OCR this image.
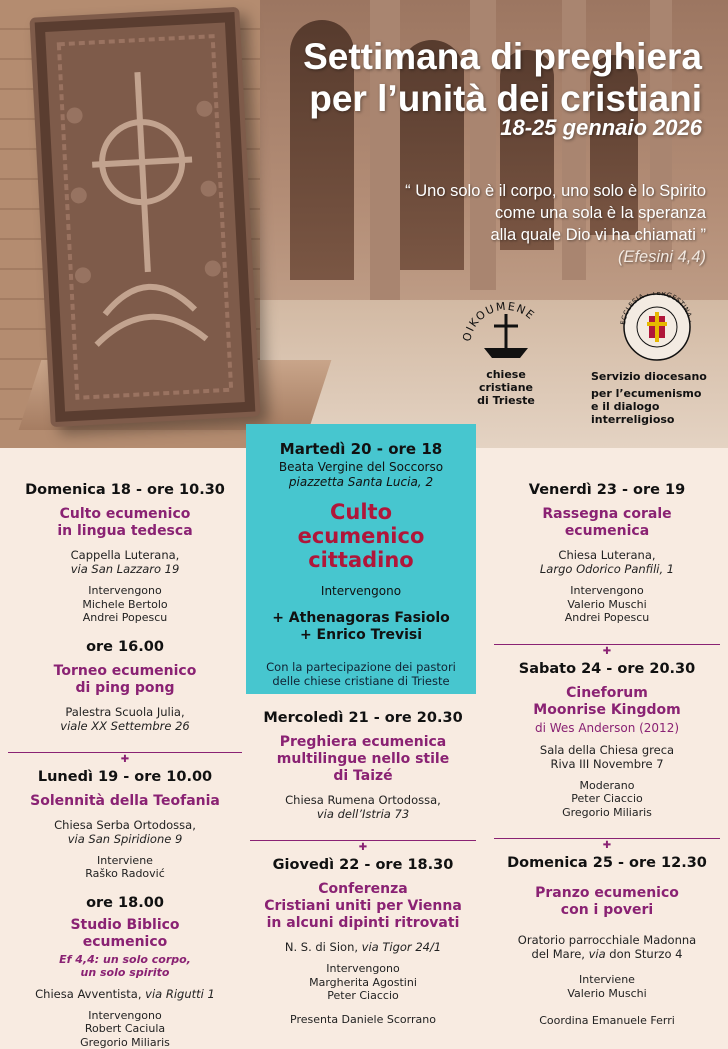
Settimana di preghiera
per l’unità dei cristiani
18-25 gennaio 2026
“ Uno solo è il corpo, uno solo è lo Spirito
come una sola è la speranza
alla quale Dio vi ha chiamati ”
(Efesini 4,4)
IKOUMENE
chiese cristiane
di Trieste
ECCLESIA · TERGESTINA ·
Servizio diocesano
per l’ecumenismo
e il dialogo interreligioso
Domenica 18 - ore 10.30
Culto ecumenico
in lingua tedesca
Cappella Luterana,
via San Lazzaro 19
Intervengono
Michele Bertolo
Andrei Popescu
ore 16.00
Torneo ecumenico
di ping pong
Palestra Scuola Julia,
viale XX Settembre 26
✚
Lunedì 19 - ore 10.00
Solennità della Teofania
Chiesa Serba Ortodossa,
via San Spiridione 9
Interviene
Raško Radović
ore 18.00
Studio Biblico
ecumenico
Ef 4,4: un solo corpo,
un solo spirito
Chiesa Avventista, via Rigutti 1
Intervengono
Robert Caciula
Gregorio Miliaris
Martedì 20 - ore 18
Beata Vergine del Soccorso
piazzetta Santa Lucia, 2
Culto
ecumenico
cittadino
Intervengono
+ Athenagoras Fasiolo
+ Enrico Trevisi
Con la partecipazione dei pastori
delle chiese cristiane di Trieste
Mercoledì 21 - ore 20.30
Preghiera ecumenica
multilingue nello stile
di Taizé
Chiesa Rumena Ortodossa,
via dell’Istria 73
✚
Giovedì 22 - ore 18.30
Conferenza
Cristiani uniti per Vienna
in alcuni dipinti ritrovati
N. S. di Sion, via Tigor 24/1
Intervengono
Margherita Agostini
Peter Ciaccio
Presenta Daniele Scorrano
Venerdì 23 - ore 19
Rassegna corale
ecumenica
Chiesa Luterana,
Largo Odorico Panfili, 1
Intervengono
Valerio Muschi
Andrei Popescu
✚
Sabato 24 - ore 20.30
Cineforum
Moonrise Kingdom
di Wes Anderson (2012)
Sala della Chiesa greca
Riva III Novembre 7
Moderano
Peter Ciaccio
Gregorio Miliaris
✚
Domenica 25 - ore 12.30
Pranzo ecumenico
con i poveri
Oratorio parrocchiale Madonna
del Mare, via don Sturzo 4
Interviene
Valerio Muschi
Coordina Emanuele Ferri
